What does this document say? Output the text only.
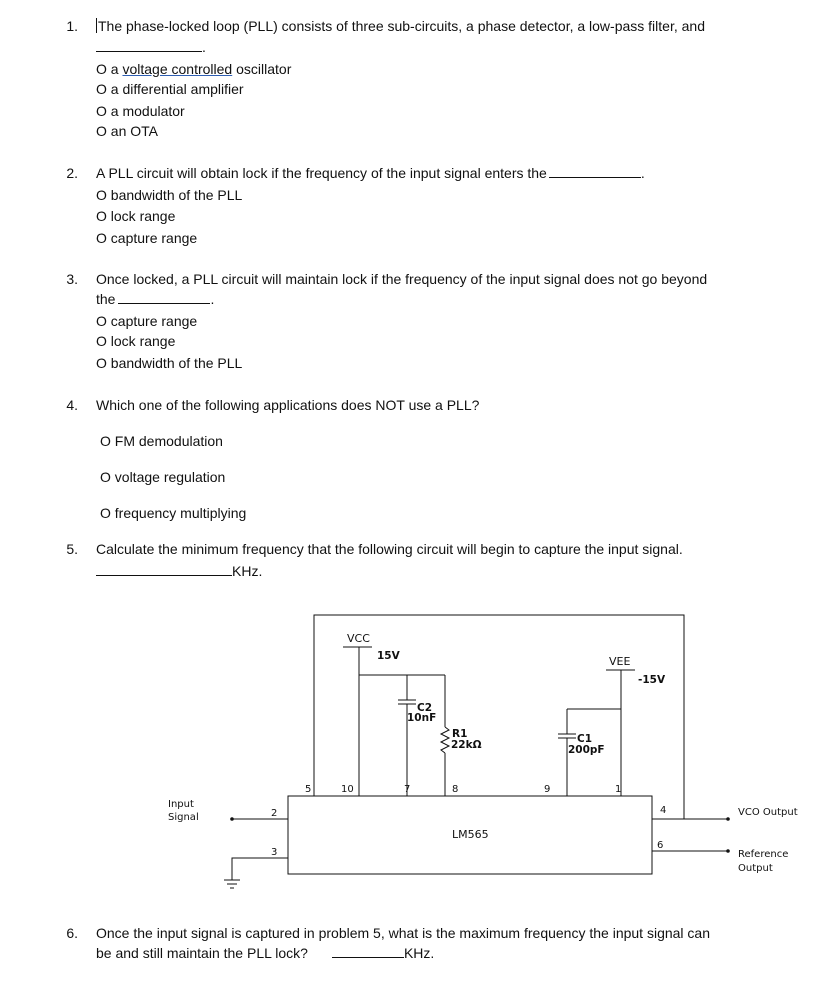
1. The phase-locked loop (PLL) consists of three sub-circuits, a phase detector, a low-pass filter, and
.
O a voltage controlled oscillator
O a differential amplifier
O a modulator
O an OTA
2. A PLL circuit will obtain lock if the frequency of the input signal enters the	.
O bandwidth of the PLL
O lock range
O capture range
3. Once locked, a PLL circuit will maintain lock if the frequency of the input signal does not go beyond
the	.
O capture range
O lock range
O bandwidth of the PLL
4. Which one of the following applications does NOT use a PLL?
O FM demodulation
O voltage regulation
O frequency multiplying
5. Calculate the minimum frequency that the following circuit will begin to capture the input signal.
KHz.
VCC
15V	VEE
-15V
C2
10nF
R1
22kΩ	C1
200pF
LM565
Input
Signal	VCO Output
Reference
Output
2
3
5	10	7	8	9	1
4
6
6. Once the input signal is captured in problem 5, what is the maximum frequency the input signal can
be and still maintain the PLL lock?	KHz.
